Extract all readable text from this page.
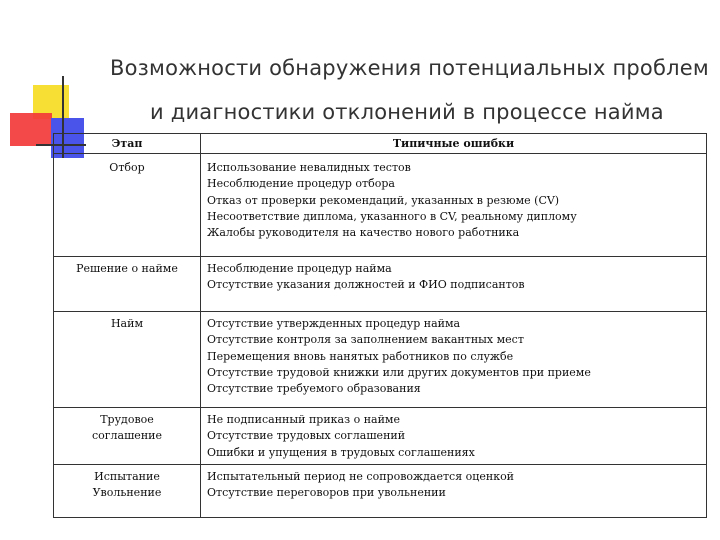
Возможности обнаружения потенциальных проблем
и диагностики отклонений в процессе найма
Этап	Типичные ошибки

Отбор	Использование невалидных тестов
Несоблюдение процедур отбора
Отказ от проверки рекомендаций, указанных в резюме (CV)
Несоответствие диплома, указанного в CV, реальному диплому
Жалобы руководителя на качество нового работника

Решение о найме	Несоблюдение процедур найма
Отсутствие указания должностей и ФИО подписантов

Найм	Отсутствие утвержденных процедур найма
Отсутствие контроля за заполнением вакантных мест
Перемещения вновь нанятых работников по службе
Отсутствие трудовой книжки или других документов при приеме
Отсутствие требуемого образования

Трудовое
соглашение	Не подписанный приказ о найме
Отсутствие трудовых соглашений
Ошибки и упущения в трудовых соглашениях

Испытание
Увольнение	Испытательный период не сопровождается оценкой
Отсутствие переговоров при увольнении
